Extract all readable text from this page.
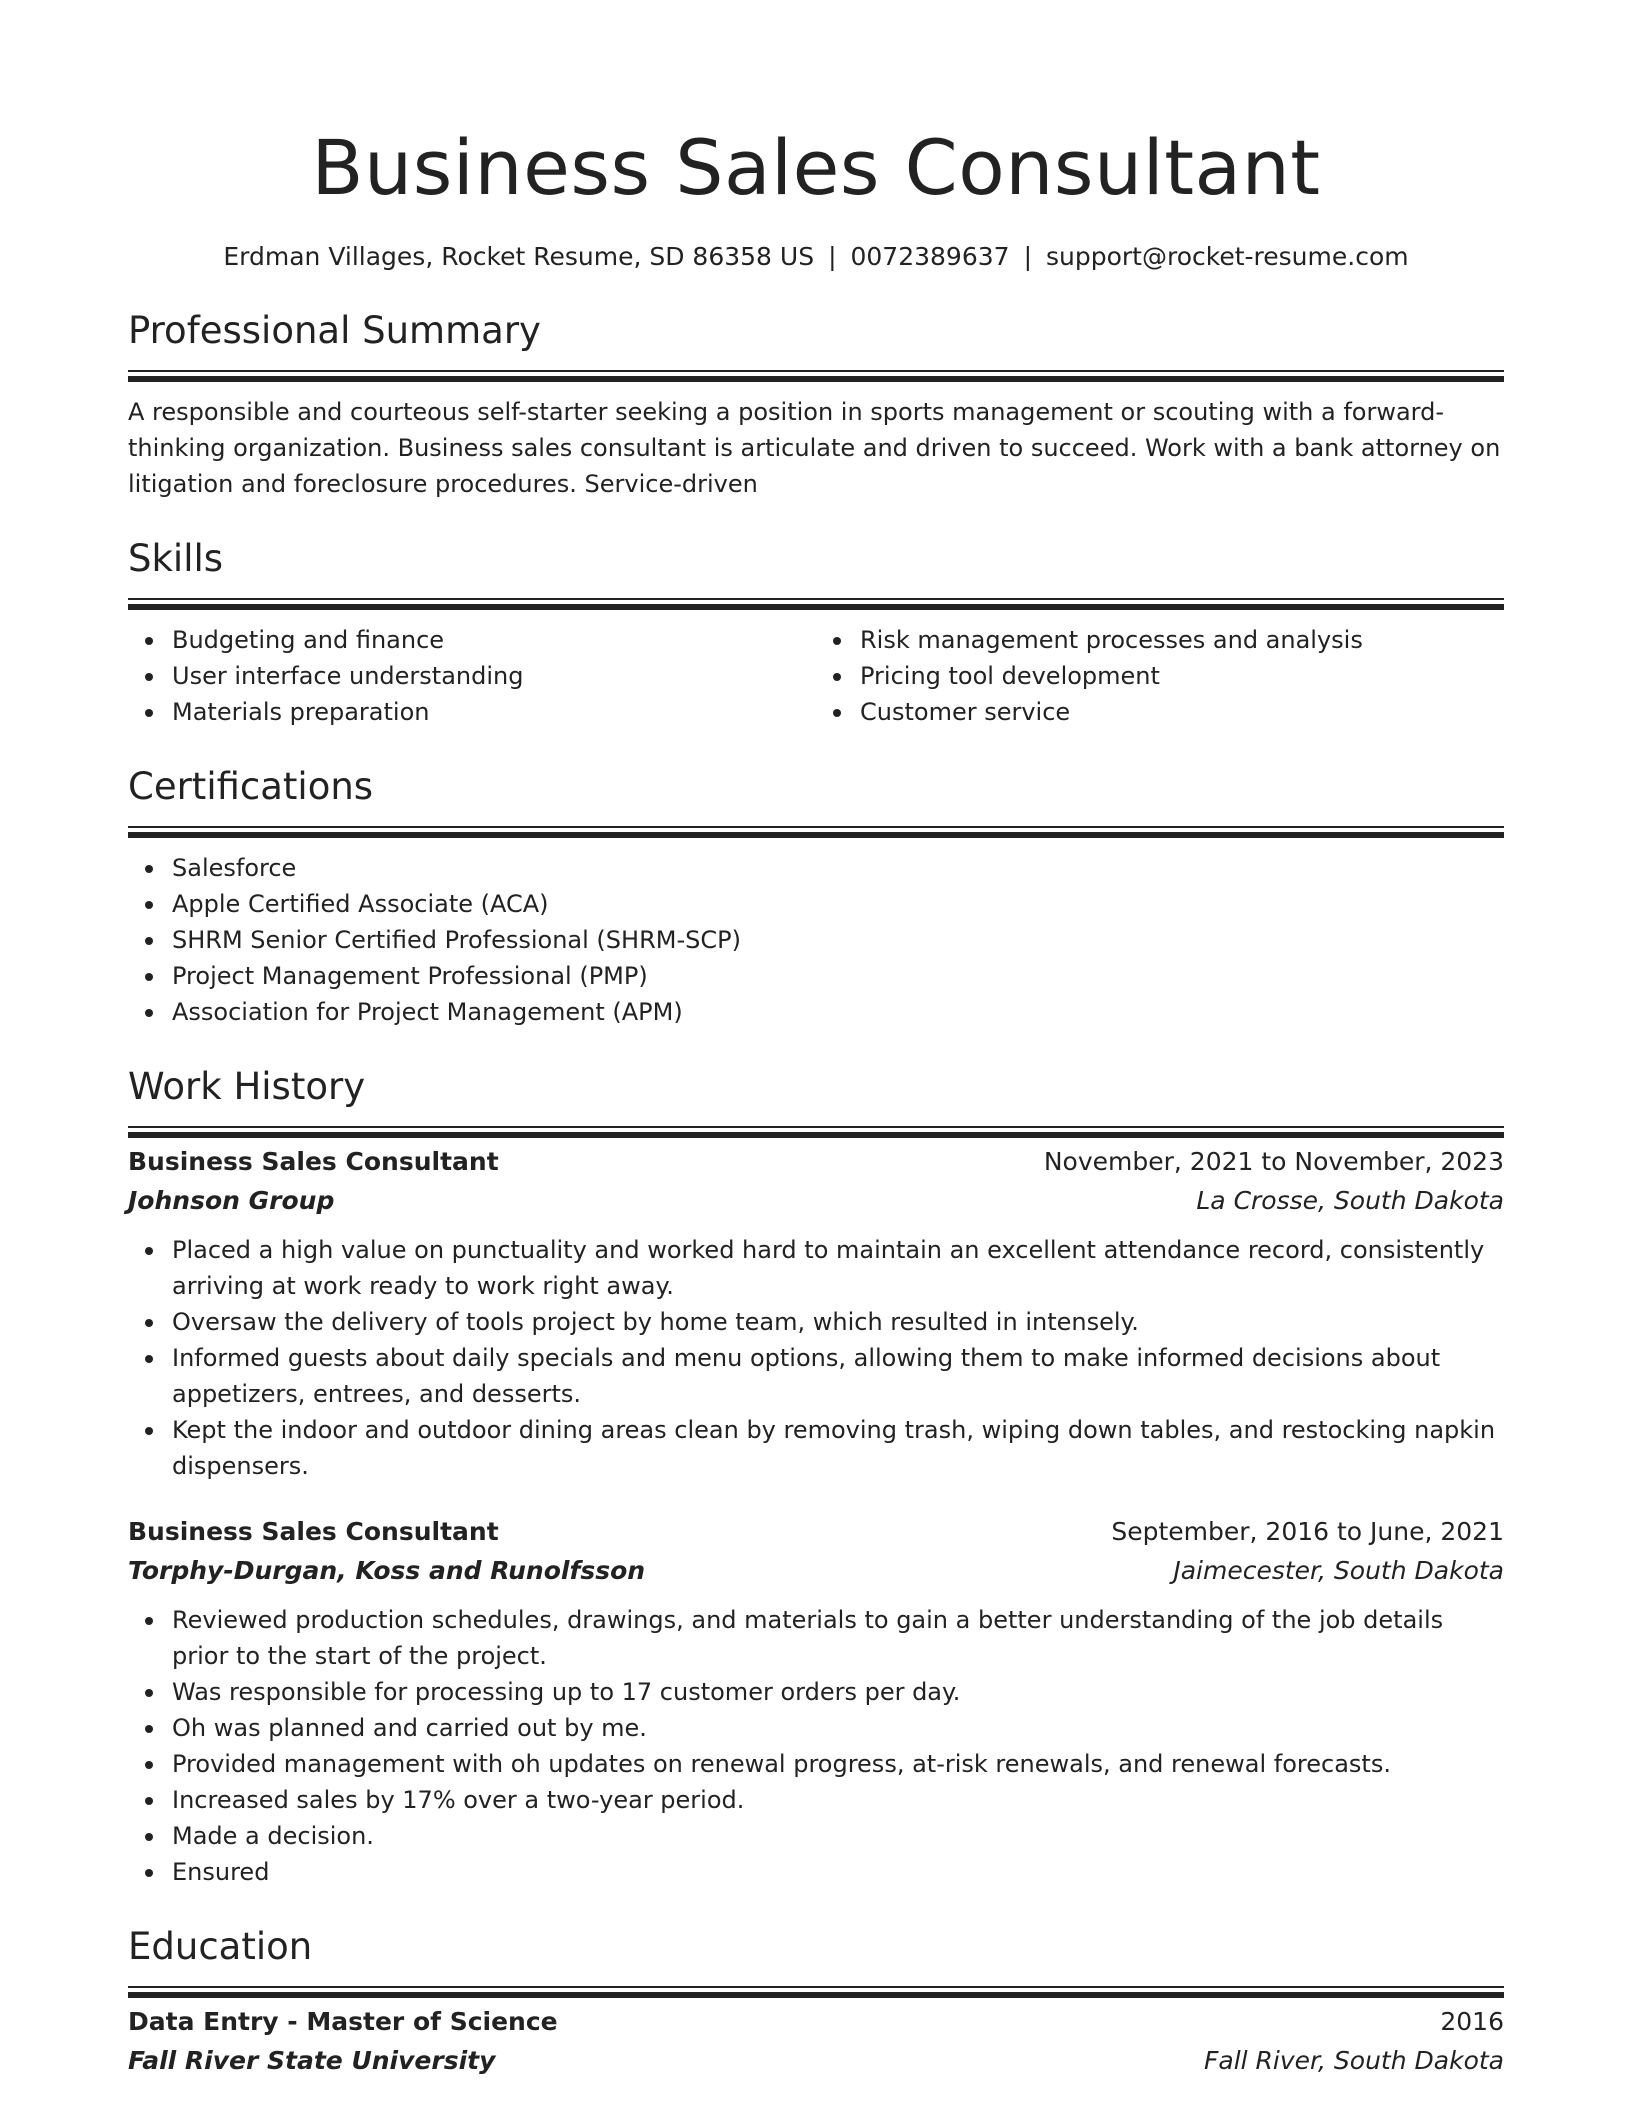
Business Sales Consultant
Erdman Villages, Rocket Resume, SD 86358 US | 0072389637 | support@rocket-resume.com
Professional Summary

A responsible and courteous self-starter seeking a position in sports management or scouting with a forward-thinking organization. Business sales consultant is articulate and driven to succeed. Work with a bank attorney on litigation and foreclosure procedures. Service-driven

Skills
Budgeting and finance
User interface understanding
Materials preparation
Risk management processes and analysis
Pricing tool development
Customer service
Certifications
Salesforce
Apple Certified Associate (ACA)
SHRM Senior Certified Professional (SHRM-SCP)
Project Management Professional (PMP)
Association for Project Management (APM)
Work History
Business Sales Consultant	November, 2021 to November, 2023
Johnson Group	La Crosse, South Dakota
Placed a high value on punctuality and worked hard to maintain an excellent attendance record, consistently arriving at work ready to work right away.
Oversaw the delivery of tools project by home team, which resulted in intensely.
Informed guests about daily specials and menu options, allowing them to make informed decisions about appetizers, entrees, and desserts.
Kept the indoor and outdoor dining areas clean by removing trash, wiping down tables, and restocking napkin dispensers.
Business Sales Consultant	September, 2016 to June, 2021
Torphy-Durgan, Koss and Runolfsson	Jaimecester, South Dakota
Reviewed production schedules, drawings, and materials to gain a better understanding of the job details prior to the start of the project.
Was responsible for processing up to 17 customer orders per day.
Oh was planned and carried out by me.
Provided management with oh updates on renewal progress, at-risk renewals, and renewal forecasts.
Increased sales by 17% over a two-year period.
Made a decision.
Ensured
Education
Data Entry - Master of Science	2016
Fall River State University	Fall River, South Dakota
